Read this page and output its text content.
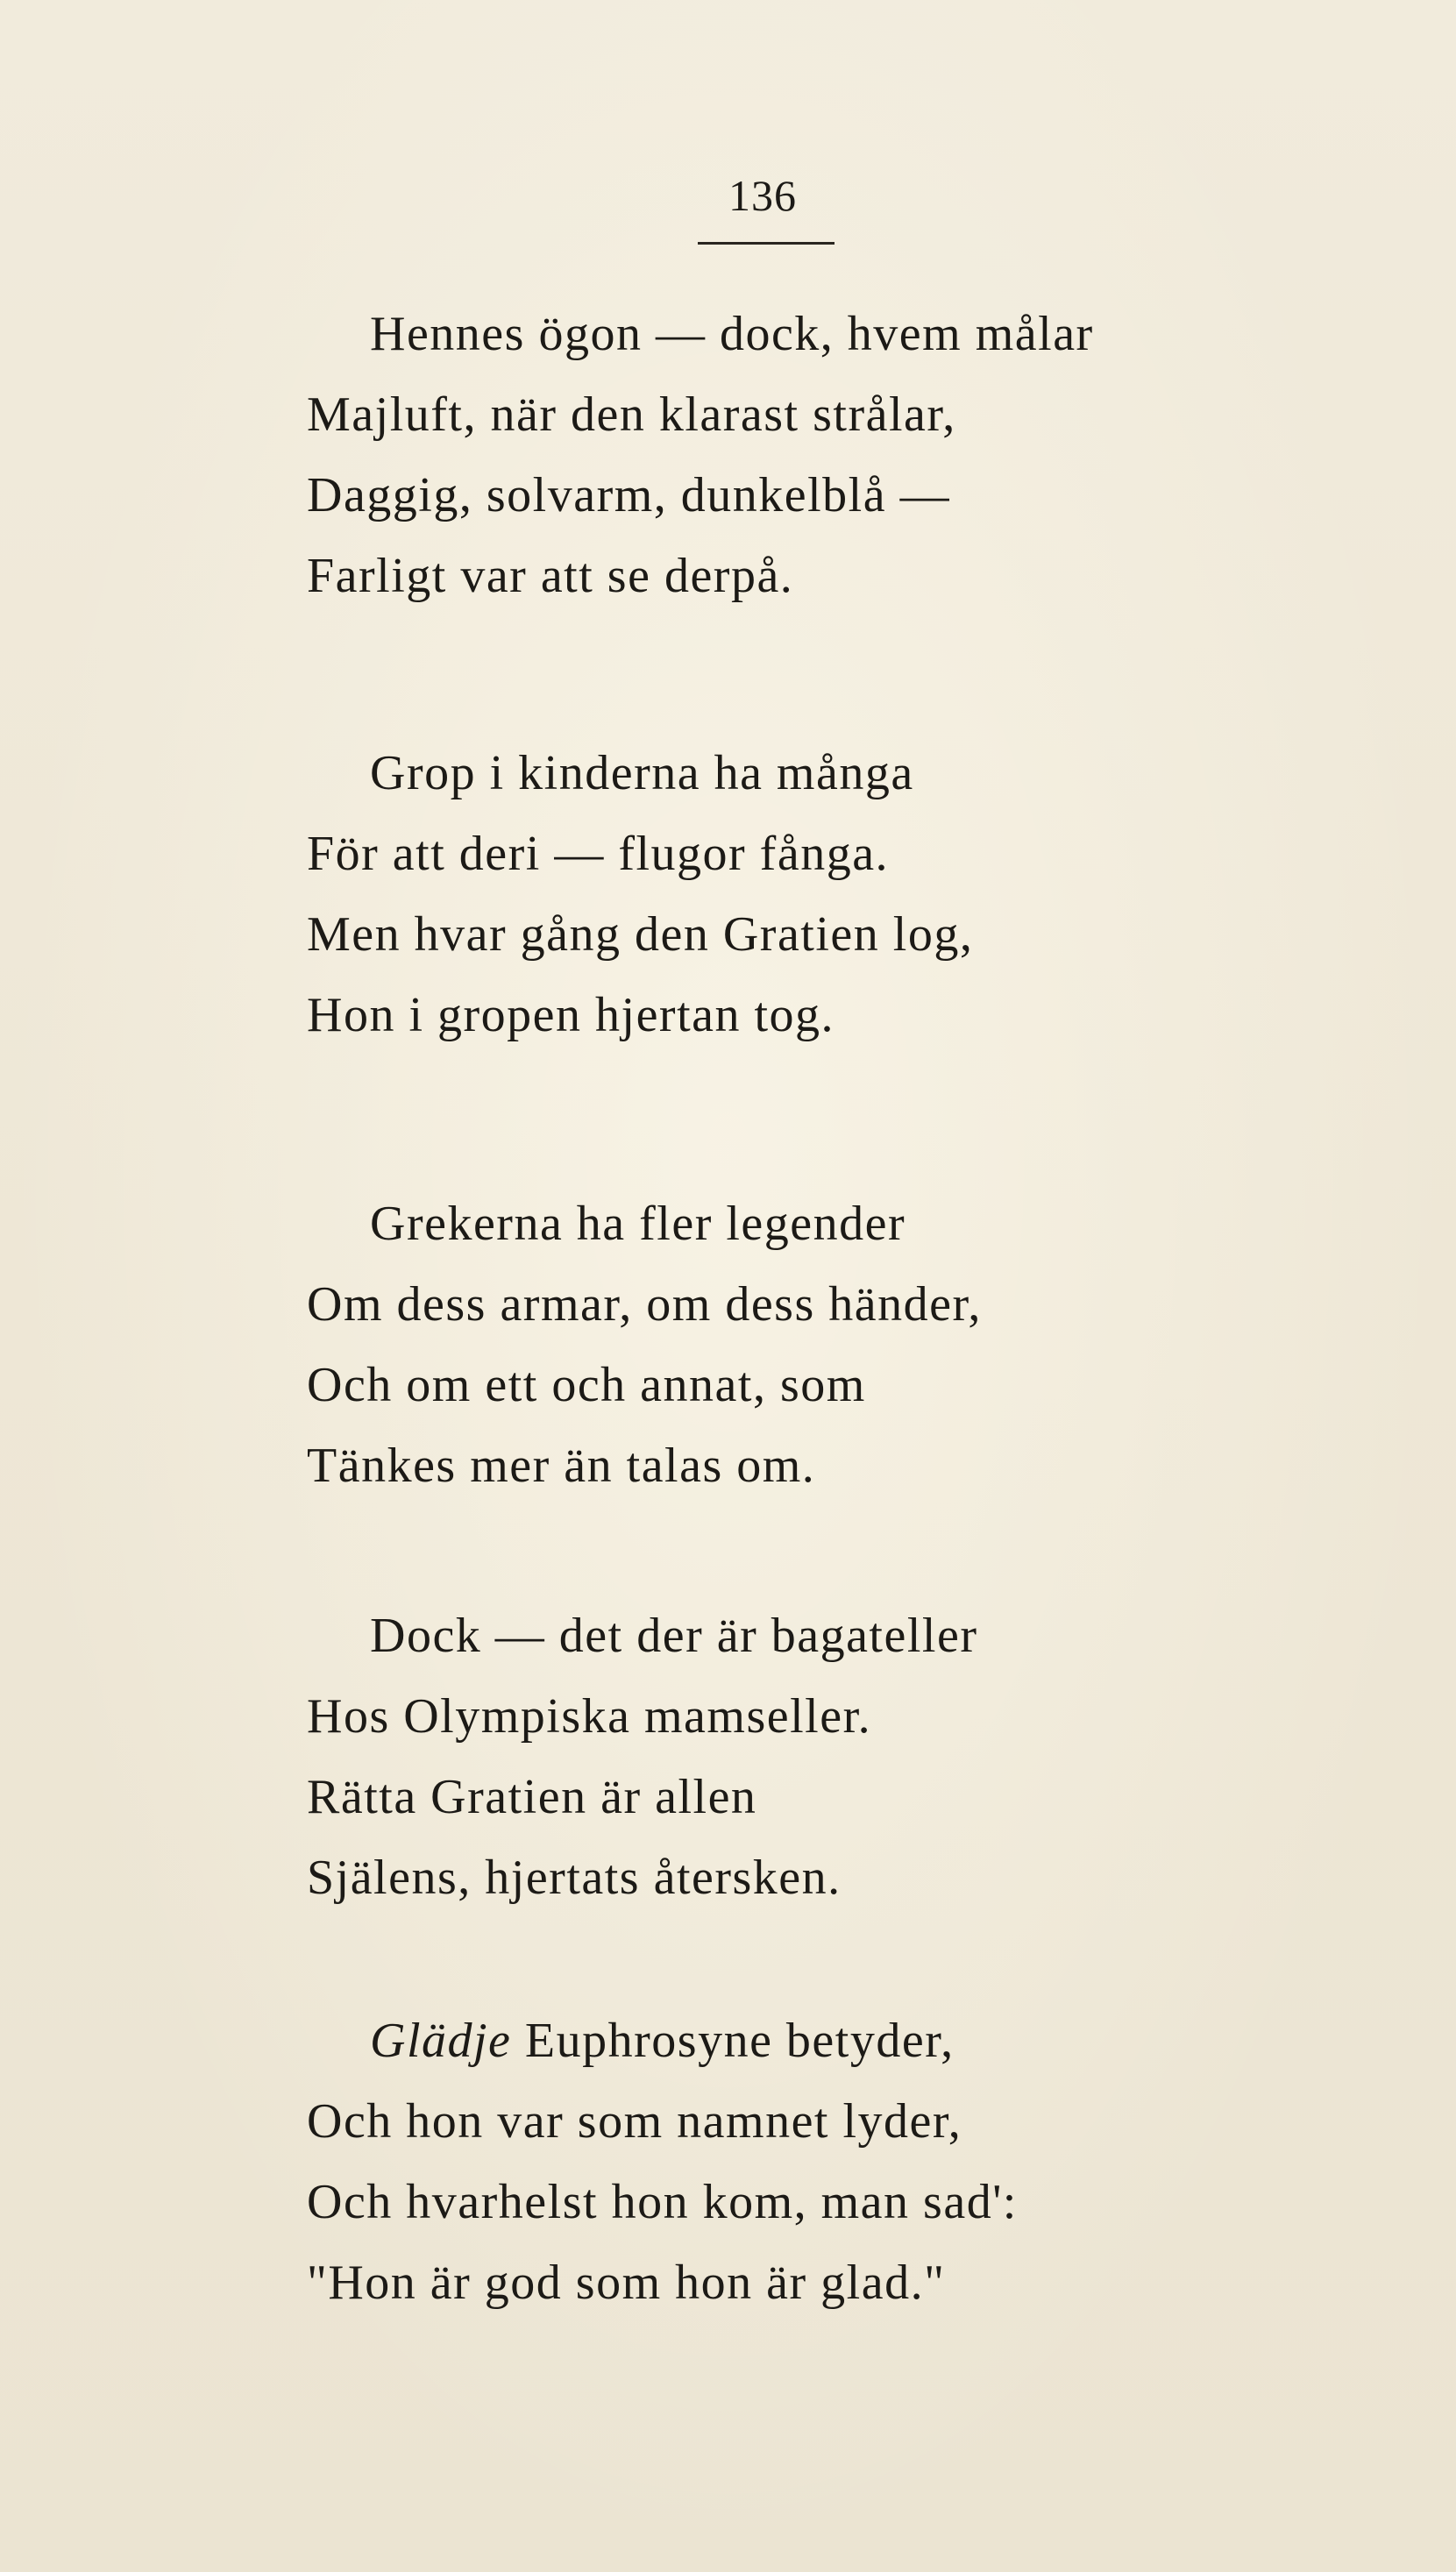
136
Hennes ögon — dock, hvem målar
Majluft, när den klarast strålar,
Daggig, solvarm, dunkelblå —
Farligt var att se derpå.
Grop i kinderna ha många
För att deri — flugor fånga.
Men hvar gång den Gratien log,
Hon i gropen hjertan tog.
Grekerna ha fler legender
Om dess armar, om dess händer,
Och om ett och annat, som
Tänkes mer än talas om.
Dock — det der är bagateller
Hos Olympiska mamseller.
Rätta Gratien är allen
Själens, hjertats återsken.
Glädje Euphrosyne betyder,
Och hon var som namnet lyder,
Och hvarhelst hon kom, man sad':
"Hon är god som hon är glad."
